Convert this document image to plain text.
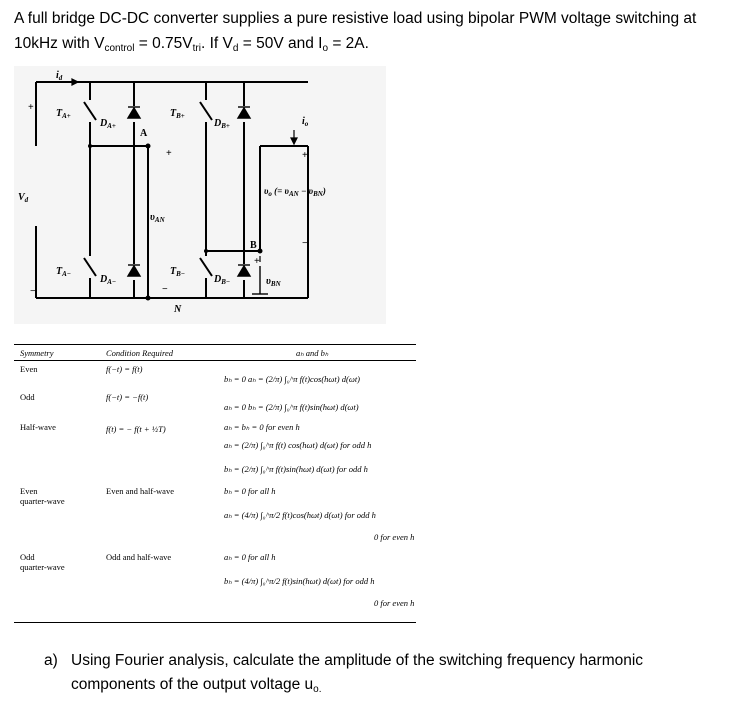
A full bridge DC-DC converter supplies a pure resistive load using bipolar PWM voltage switching at 10kHz with $V_{control} = 0.75V_{tri}$. If $V_d = 50V$ and $I_o = 2A$.
$i_d$
+
$T_{A+}$
$D_{A+}$
A
$T_{B+}$
$D_{B+}$	$i_o$
+	+
$V_d$
$\upsilon_o$ (= $\upsilon_{AN} - \upsilon_{BN}$)
$\upsilon_{AN}$
B	−
$T_{A-}$	$D_{A-}$
$T_{B-}$	$D_{B-}$
+
$\upsilon_{BN}$
−	−
N
Symmetry	Condition Required	aₕ and bₕ
Even	f(−t) = f(t)
bₕ = 0 aₕ = (2/π) ∫₀^π f(t)cos(hωt) d(ωt)
Odd	f(−t) = −f(t)
aₕ = 0 bₕ = (2/π) ∫₀^π f(t)sin(hωt) d(ωt)
Half-wave	f(t) = − f(t + ½T)	aₕ = bₕ = 0 for even h
aₕ = (2/π) ∫₀^π f(t) cos(hωt) d(ωt) for odd h
bₕ = (2/π) ∫₀^π f(t)sin(hωt) d(ωt) for odd h
Even
quarter-wave
Even and half-wave	bₕ = 0 for all h
aₕ = (4/π) ∫₀^π/2 f(t)cos(hωt) d(ωt) for odd h
0 for even h
Odd
quarter-wave
Odd and half-wave	aₕ = 0 for all h
bₕ = (4/π) ∫₀^π/2 f(t)sin(hωt) d(ωt) for odd h
0 for even h
a) Using Fourier analysis, calculate the amplitude of the switching frequency harmonic components of the output voltage $u_{o.}$
